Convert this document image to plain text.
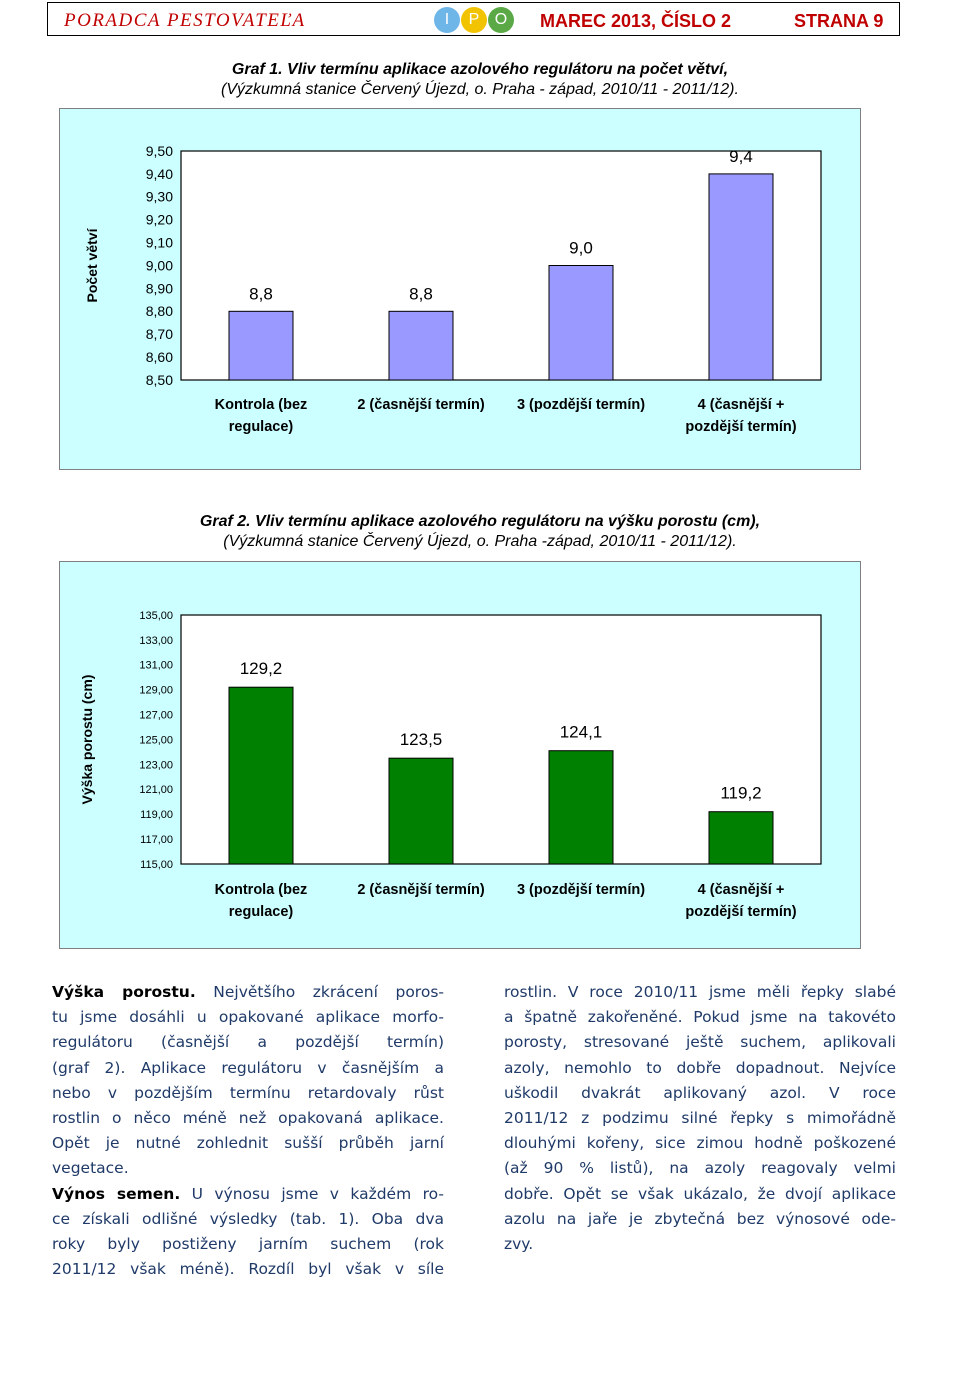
PORADCA PESTOVATEĽA	I	P O	MAREC 2013, ČÍSLO 2	STRANA 9
Graf 1. Vliv termínu aplikace azolového regulátoru na počet větví,
(Výzkumná stanice Červený Újezd, o. Praha - západ, 2010/11 - 2011/12).
Počet větví
9,50
9,40
9,30
9,20
9,10
9,00
8,90
8,80
8,70
8,60
8,50
8,8
Kontrola (bez
regulace)
8,8
2 (časnější termín)
9,0
3 (pozdější termín)
9,4
4 (časnější +
pozdější termín)
Graf 2. Vliv termínu aplikace azolového regulátoru na výšku porostu (cm),
(Výzkumná stanice Červený Újezd, o. Praha -západ, 2010/11 - 2011/12).
Výška porostu (cm)
135,00
133,00
131,00
129,00
127,00
125,00
123,00
121,00
119,00
117,00
115,00
129,2
Kontrola (bez
regulace)
123,5
2 (časnější termín)
124,1
3 (pozdější termín)
119,2
4 (časnější +
pozdější termín)
Výška porostu. Největšího zkrácení poros-
tu jsme dosáhli u opakované aplikace morfo-
regulátoru (časnější a pozdější termín)
(graf 2). Aplikace regulátoru v časnějším a
nebo v pozdějším termínu retardovaly růst
rostlin o něco méně než opakovaná aplikace.
Opět je nutné zohlednit sušší průběh jarní
vegetace.
Výnos semen. U výnosu jsme v každém ro-
ce získali odlišné výsledky (tab. 1). Oba dva
roky byly postiženy jarním suchem (rok
2011/12 však méně). Rozdíl byl však v síle
rostlin. V roce 2010/11 jsme měli řepky slabé
a špatně zakořeněné. Pokud jsme na takovéto
porosty, stresované ještě suchem, aplikovali
azoly, nemohlo to dobře dopadnout. Nejvíce
uškodil dvakrát aplikovaný azol. V roce
2011/12 z podzimu silné řepky s mimořádně
dlouhými kořeny, sice zimou hodně poškozené
(až 90 % listů), na azoly reagovaly velmi
dobře. Opět se však ukázalo, že dvojí aplikace
azolu na jaře je zbytečná bez výnosové ode-
zvy.
